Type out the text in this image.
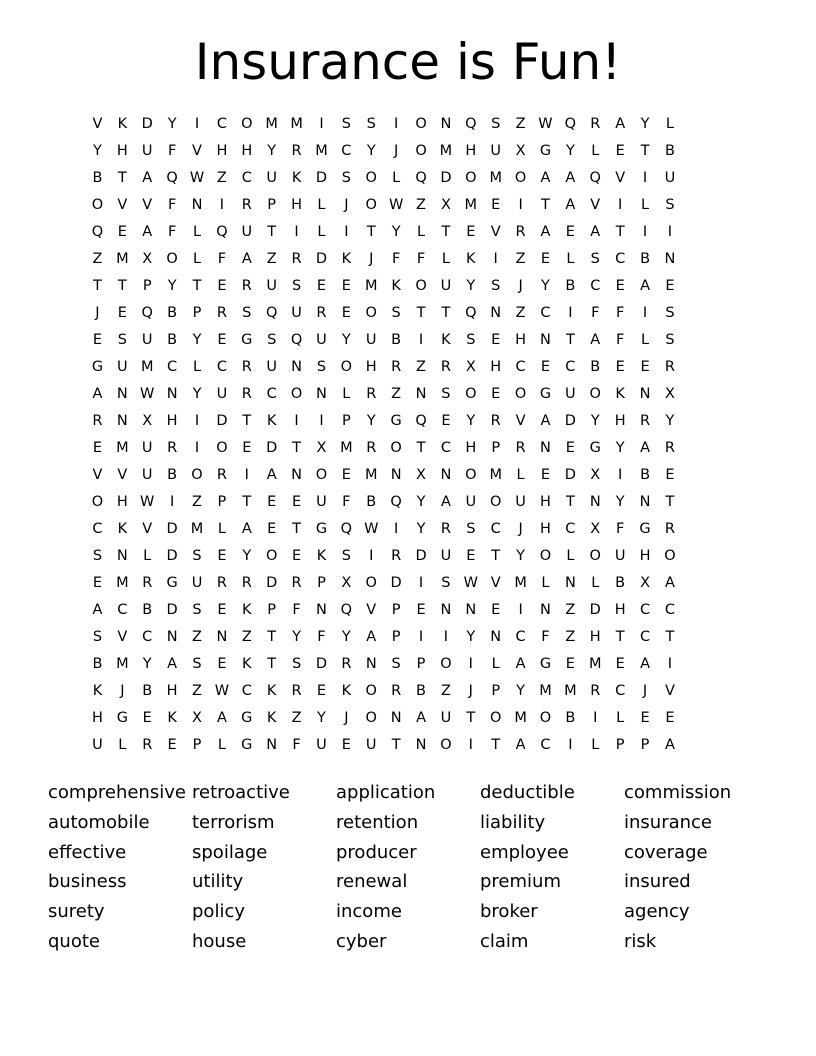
Insurance is Fun!
V	K	D	Y	I	C O M M	I	S	S	I	O N Q	S	Z W Q R	A	Y	L
Y	H U	F	V H H	Y	R M C	Y	J	O M H U	X G	Y	L	E	T	B
B	T	A Q W Z	C	U	K	D	S	O	L	Q D O M O A	A Q V	I	U
O V	V	F	N	I	R	P	H	L	J	O W Z	X M E	I	T	A	V	I	L	S
Q	E	A	F	L	Q U	T	I	L	I	T	Y	L	T	E	V	R	A	E	A	T	I	I
Z M X O	L	F	A	Z	R D	K	J	F	F	L	K	I	Z	E	L	S	C	B N
T	T	P	Y	T	E	R	U	S	E	E M K O U	Y	S	J	Y	B	C	E	A	E
J	E	Q B	P	R	S	Q U	R	E	O	S	T	T	Q N Z	C	I	F	F	I	S
E	S	U	B	Y	E	G	S	Q U	Y	U	B	I	K	S	E	H N	T	A	F	L	S
G U M C	L	C	R	U N	S	O H R	Z	R	X H C	E	C	B	E	E	R
A	N W N	Y	U	R	C O N	L	R	Z	N	S	O	E	O G U O K	N X
R N X H	I	D	T	K	I	I	P	Y	G Q	E	Y	R	V	A D	Y	H R	Y
E M U	R	I	O	E	D	T	X M R O	T	C H	P	R N	E	G	Y	A	R
V	V	U	B O R	I	A	N O	E M N X	N O M	L	E	D X	I	B	E
O H W	I	Z	P	T	E	E	U	F	B Q	Y	A	U O U H	T	N	Y	N	T
C	K	V D M	L	A	E	T	G Q W	I	Y	R	S	C	J	H C	X	F	G R
S	N	L	D	S	E	Y	O	E	K	S	I	R D U	E	T	Y	O	L	O U H O
E M R G U	R	R D R	P	X O D	I	S W V M	L	N	L	B	X	A
A	C	B D	S	E	K	P	F	N Q V	P	E	N N	E	I	N Z D H C	C
S	V	C N Z	N Z	T	Y	F	Y	A	P	I	I	Y	N C	F	Z H	T	C	T
B M Y	A	S	E	K	T	S	D R N	S	P	O	I	L	A G	E M E	A	I
K	J	B H Z W C	K	R	E	K O R	B	Z	J	P	Y M M R	C	J	V
H G	E	K	X	A G	K	Z	Y	J	O N	A	U	T	O M O B	I	L	E	E
U	L	R	E	P	L	G N	F	U	E	U	T	N O	I	T	A	C	I	L	P	P	A
comprehensive retroactive	application	deductible	commission
automobile	terrorism	retention	liability	insurance
effective	spoilage	producer	employee	coverage
business	utility	renewal	premium	insured
surety	policy	income	broker	agency
quote	house	cyber	claim	risk
